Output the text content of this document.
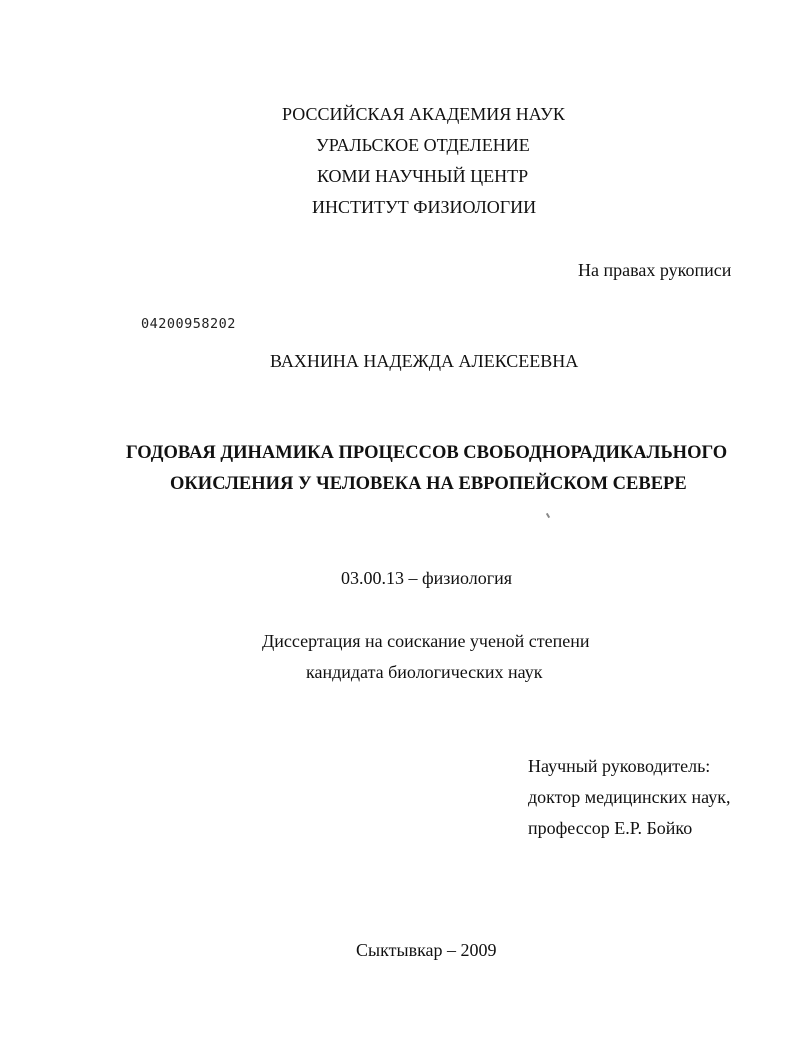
РОССИЙСКАЯ АКАДЕМИЯ НАУК
УРАЛЬСКОЕ ОТДЕЛЕНИЕ
КОМИ НАУЧНЫЙ ЦЕНТР
ИНСТИТУТ ФИЗИОЛОГИИ
На правах рукописи
04200958202
ВАХНИНА НАДЕЖДА АЛЕКСЕЕВНА
ГОДОВАЯ ДИНАМИКА ПРОЦЕССОВ СВОБОДНОРАДИКАЛЬНОГО
ОКИСЛЕНИЯ У ЧЕЛОВЕКА НА ЕВРОПЕЙСКОМ СЕВЕРЕ
03.00.13 – физиология
Диссертация на соискание ученой степени
кандидата биологических наук
Научный руководитель:
доктор медицинских наук,
профессор Е.Р. Бойко
Сыктывкар – 2009
